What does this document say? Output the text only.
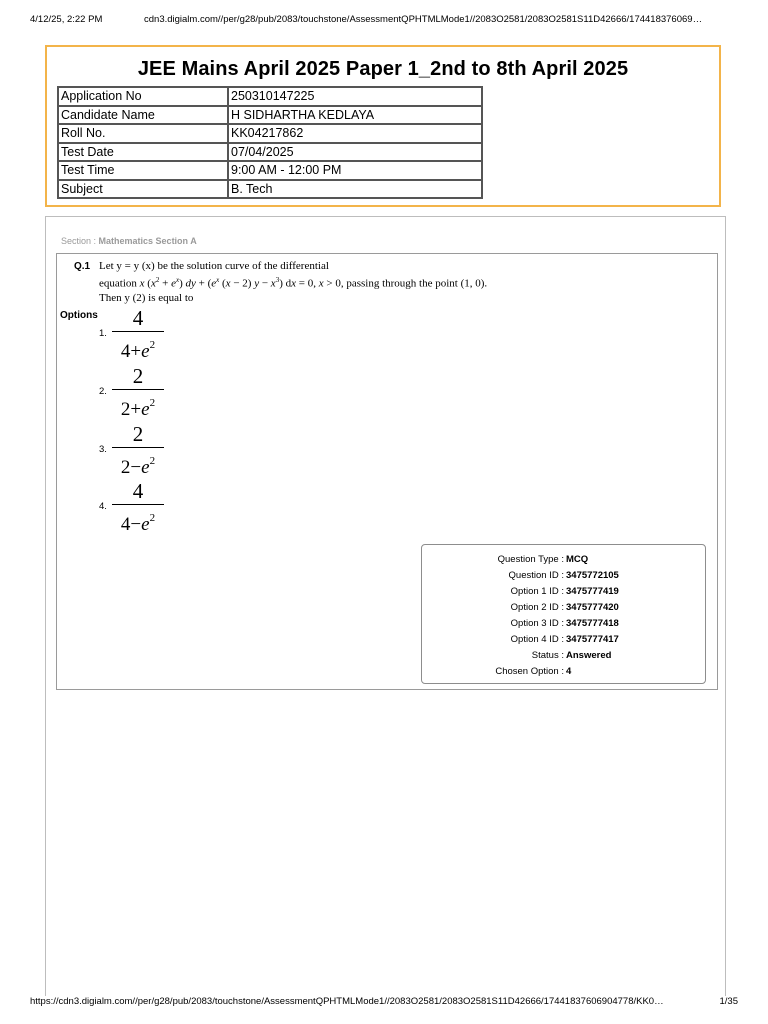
4/12/25, 2:22 PM	cdn3.digialm.com//per/g28/pub/2083/touchstone/AssessmentQPHTMLMode1//2083O2581/2083O2581S11D42666/174418376069…
JEE Mains April 2025 Paper 1_2nd to 8th April 2025
Application No	250310147225
Candidate Name	H SIDHARTHA KEDLAYA
Roll No.	KK04217862
Test Date	07/04/2025
Test Time	9:00 AM - 12:00 PM
Subject	B. Tech
Section : Mathematics Section A
Q.1 Let y = y (x) be the solution curve of the differential
equation x $(x^2 + e^x)$ dy + ($e^x$ (x − 2) $y - x^3$) dx = 0, x > 0, passing through the point (1, 0).
Then y (2) is equal to
Options
1.
4
$4+e^2$
2.
2
$2+e^2$
3.
2
$2-e^2$
4.
4
$4-e^2$
Question Type : MCQ
Question ID : 3475772105
Option 1 ID : 3475777419
Option 2 ID : 3475777420
Option 3 ID : 3475777418
Option 4 ID : 3475777417
Status : Answered
Chosen Option : 4
https://cdn3.digialm.com//per/g28/pub/2083/touchstone/AssessmentQPHTMLMode1//2083O2581/2083O2581S11D42666/17441837606904778/KK0…	1/35
